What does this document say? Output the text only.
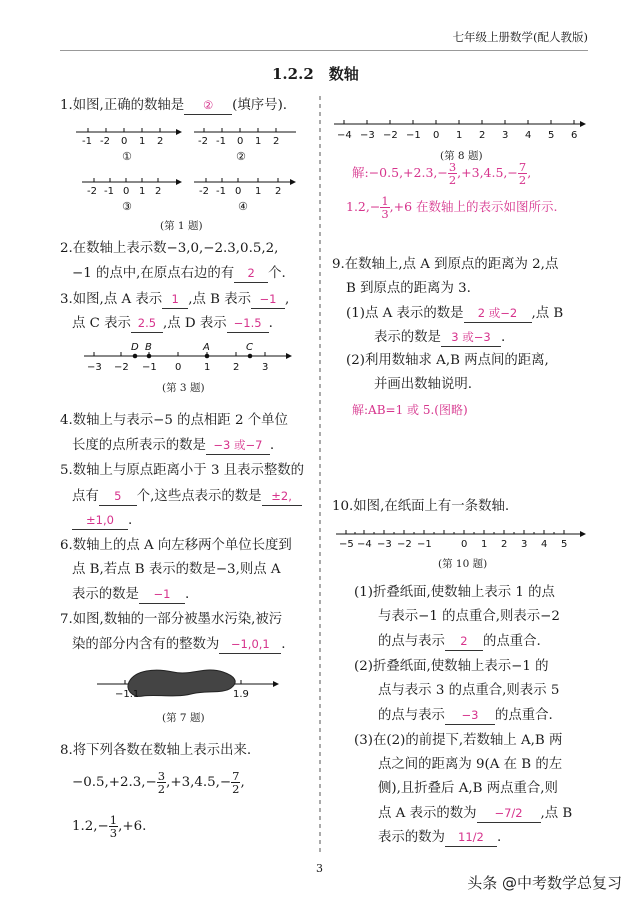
七年级上册数学(配人教版)
1.2.2　数轴
1.如图,正确的数轴是 ② (填序号).
-1 -2 0 1 2
①
-2 -1 0 1 2
②
-2 -1 0 1 2
③
-2 -1 0 1 2
④
(第 1 题)
2.在数轴上表示数−3,0,−2.3,0.5,2,
−1 的点中,在原点右边的有 2 个.
3.如图,点 A 表示 1 ,点 B 表示 −1 ,
点 C 表示 2.5 ,点 D 表示 −1.5 .
D B	A	C
−3 −2 −1 0 1 2 3
(第 3 题)
4.数轴上与表示−5 的点相距 2 个单位
长度的点所表示的数是 −3 或−7 .
5.数轴上与原点距离小于 3 且表示整数的
点有 5 个,这些点表示的数是 ±2,
±1,0 .
6.数轴上的点 A 向左移两个单位长度到
点 B,若点 B 表示的数是−3,则点 A
表示的数是 −1 .
7.如图,数轴的一部分被墨水污染,被污
染的部分内含有的整数为 −1,0,1 .
−1.1	1.9
(第 7 题)
8.将下列各数在数轴上表示出来.
$-0.5,+2.3,- \frac{3}{2} ,+3,4.5,- \frac{7}{2}$ ,
$1.2,- \frac{1}{3} ,+6$.
−4 −3 −2 −1 0 1 2 3 4 5 6
(第 8 题)
解:−0.5,+2.3,− $\frac{3}{2} ,+3,4.5,- \frac{7}{2}$ ,
$1.2,- \frac{1}{3} ,+6$ 在数轴上的表示如图所示.
9.在数轴上,点 A 到原点的距离为 2,点
B 到原点的距离为 3.
(1)点 A 表示的数是 2 或−2 ,点 B
表示的数是 3 或−3 .
(2)利用数轴求 A,B 两点间的距离,
并画出数轴说明.
解:AB=1 或 5.(图略)
10.如图,在纸面上有一条数轴.
−5 −4 −3 −2 −1	0 1 2 3 4 5
(第 10 题)
(1)折叠纸面,使数轴上表示 1 的点
与表示−1 的点重合,则表示−2
的点与表示 2 的点重合.
(2)折叠纸面,使数轴上表示−1 的
点与表示 3 的点重合,则表示 5
的点与表示 −3 的点重合.
(3)在(2)的前提下,若数轴上 A,B 两
点之间的距离为 9(A 在 B 的左
侧),且折叠后 A,B 两点重合,则
点 A 表示的数为 −7/2 ,点 B
表示的数为 11/2 .
3
头条 @中考数学总复习
